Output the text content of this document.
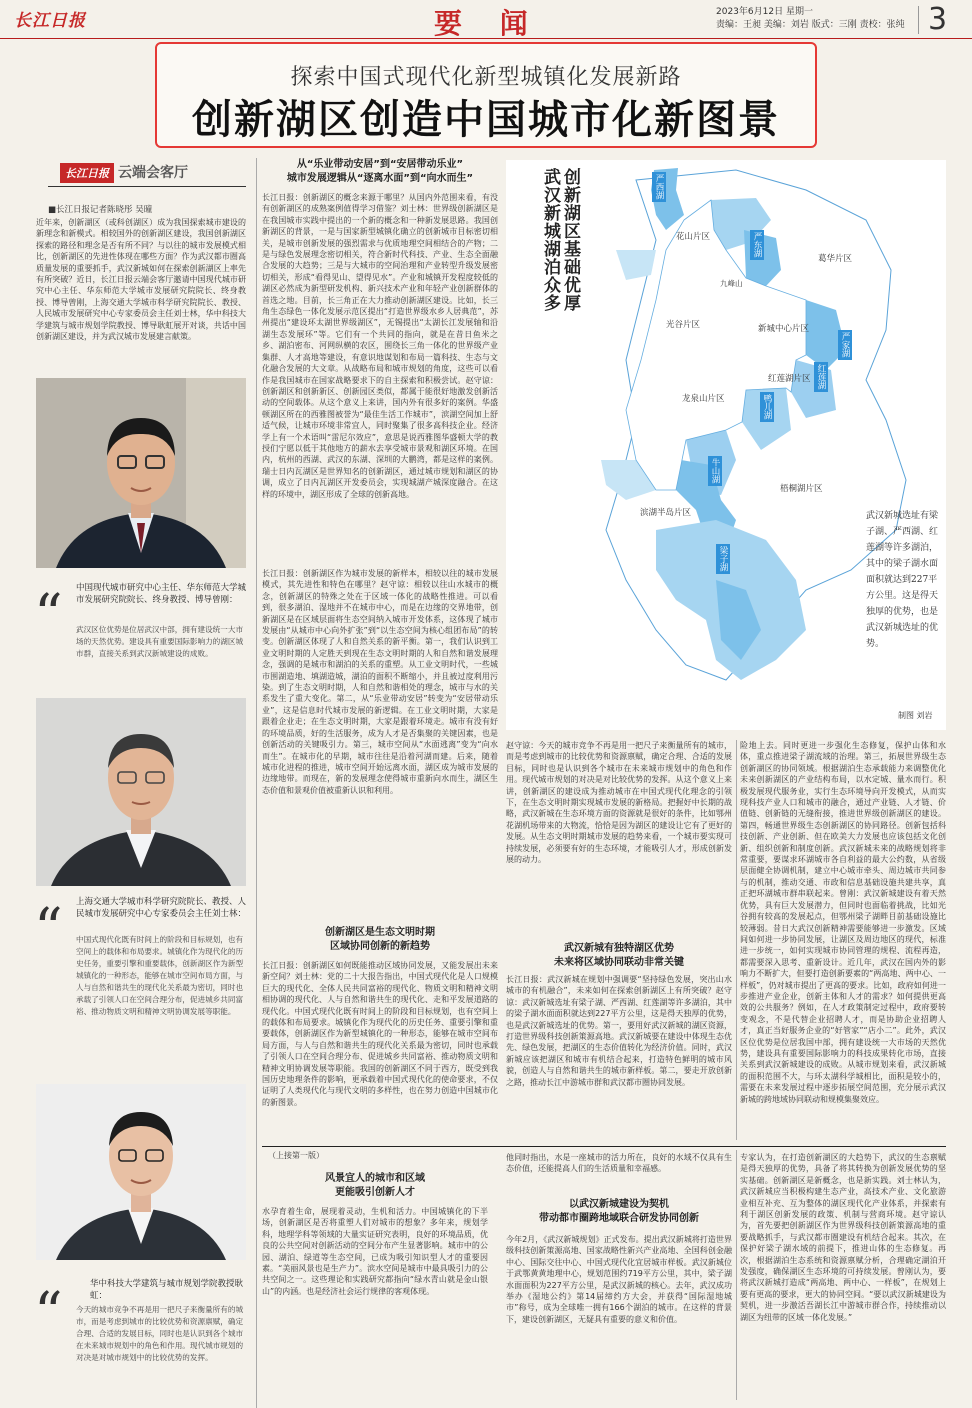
长江日报	要 闻	2023年6月12日 星期一
责编：王昶 美编：刘岩 版式：三刚 责校：张纯 3
探索中国式现代化新型城镇化发展新路
创新湖区创造中国城市化新图景
长江日报 云端会客厅
■长江日报记者陈晓彤 吴曈
近年来，创新湖区（或科创湖区）成为我国探索城市建设的新理念和新模式。相较国外的创新湖区建设，我国创新湖区探索的路径和理念是否有所不同？与以往的城市发展模式相比，创新湖区的先进性体现在哪些方面？作为武汉都市圈高质量发展的重要抓手，武汉新城如何在探索创新湖区上率先有所突破？近日，长江日报云端会客厅邀请中国现代城市研究中心主任、华东师范大学城市发展研究院院长、终身教授、博导曾刚，上海交通大学城市科学研究院院长、教授、人民城市发展研究中心专家委员会主任刘士林，华中科技大学建筑与城市规划学院教授、博导耿虹展开对谈，共话中国创新湖区建设，并为武汉城市发展建言献策。
中国现代城市研究中心主任、华东师范大学城市发展研究院院长、终身教授、博导曾刚：
“ 武汉区位优势是位居武汉中部，拥有建设统一大市场的天然优势。建设具有重要国际影响力的湖区城市群，直接关系到武汉新城建设的成败。
上海交通大学城市科学研究院院长、教授、人民城市发展研究中心专家委员会主任刘士林：
“ 中国式现代化既有时间上的阶段和目标规划，也有空间上的载体和布局要求。城镇化作为现代化的历史任务，重要引擎和重要载体，创新湖区作为新型城镇化的一种形态，能够在城市空间布局方面，与人与自然和谐共生的现代化关系最为密切，同时也承载了引领人口在空间合理分布，促进城乡共同富裕、推动物质文明和精神文明协调发展等职能。
华中科技大学建筑与城市规划学院教授耿虹：
“ 今天的城市竞争不再是用一把尺子来衡量所有的城市，而是考虑到城市的比较优势和资源禀赋，确定合理、合适的发展目标，同时也是认识到各个城市在未来城市规划中的角色和作用。现代城市规划的对决是对城市规划中的比较优势的发挥。
从“乐业带动安居”到“安居带动乐业”
城市发展逻辑从“逐离水面”到“向水而生”
长江日报：创新湖区的概念来源于哪里？从国内外范围来看，有没有创新湖区的成熟案例值得学习借鉴？刘士林：世界级创新湖区是在我国城市实践中提出的一个新的概念和一种新发展思路。我国创新湖区的背景，一是与国家新型城镇化确立的创新城市目标密切相关，是城市创新发展的强烈需求与优质地理空间相结合的产物；二是与绿色发展理念密切相关，符合新时代科技、产业、生态全面融合发展的大趋势；三是与大城市的空间治理和产业转型升级发展密切相关，形成“看得见山、望得见水”。产业和城镇开发程度较低的湖区必然成为新型研发机构、新兴技术产业和年轻产业创新群体的首选之地。目前，长三角正在大力推动创新湖区建设。比如，长三角生态绿色一体化发展示范区提出“打造世界级水乡人居典范”，苏州提出“建设环太湖世界级湖区”，无锡提出“太湖长江发展轴和沿湖生态发展环”等。它们有一个共同的指向，就是在昔日鱼米之乡、湖泊密布、河网纵横的农区，围绕长三角一体化的世界级产业集群、人才高地等建设，有意识地谋划和布局一篇科技、生态与文化融合发展的大文章。从战略布局和城市规划的角度，这些可以看作是我国城市在国家战略要求下的自主探索和积极尝试。赵守谅：创新湖区和创新新区、创新园区类似，都属于能很好地激发创新活动的空间载体。从这个意义上来讲，国内外有很多好的案例。华盛顿湖区所在的西雅图被誉为“最佳生活工作城市”，滨湖空间加上舒适气候，让城市环境非常宜人，同时聚集了很多高科技企业。经济学上有一个术语叫“雷尼尔效应”，意思是说西雅图华盛顿大学的教授们宁愿以低于其他地方的薪水去享受城市景观和湖区环境。在国内，杭州的西湖、武汉的东湖、深圳的大鹏湾，都是这样的案例。瑞士日内瓦湖区是世界知名的创新湖区，通过城市规划和湖区的协调，成立了日内瓦湖区开发委员会，实现城湖产城深度融合。在这样的环境中，湖区形成了全球的创新高地。
长江日报：创新湖区作为城市发展的新样本，相较以往的城市发展模式，其先进性和特色在哪里？赵守谅：相较以往山水城市的概念，创新湖区的特殊之处在于区域一体化的战略性推进。可以看到，很多湖泊、湿地并不在城市中心，而是在边缘的交界地带，创新湖区是在区域层面将生态空间纳入城市开发体系，这体现了城市发展由“从城市中心向外扩张”到“以生态空间为核心组团布局”的转变。创新湖区体现了人和自然关系的新平衡。第一，我们认识到工业文明时期的人定胜天到现在生态文明时期的人和自然和谐发展理念，强调的是城市和湖泊的关系的重塑。从工业文明时代，一些城市围湖造地、填湖造城，湖泊的面积不断缩小，并且被过度利用污染。到了生态文明时期，人和自然和谐相处的理念，城市与水的关系发生了重大变化。第二，从“乐业带动安居”转变为“安居带动乐业”，这是信息时代城市发展的新逻辑。在工业文明时期，大家是跟着企业走；在生态文明时期，大家是跟着环境走。城市有没有好的环境品质，好的生活服务，成为人才是否集聚的关键因素，也是创新活动的关键吸引力。第三，城市空间从“水面逃离”变为“向水而生”。在城市化的早期，城市往往是沿着河湖而建。后来，随着城市化进程的推进，城市空间开始远离水面，湖区成为城市发展的边缘地带。而现在，新的发展理念使得城市重新向水而生，湖区生态价值和景观价值被重新认识和利用。
创新湖区是生态文明时期
区域协同创新的新趋势
长江日报：创新湖区如何既能推动区域协同发展，又能发展出未来新空间？刘士林：党的二十大报告指出，中国式现代化是人口规模巨大的现代化、全体人民共同富裕的现代化、物质文明和精神文明相协调的现代化、人与自然和谐共生的现代化、走和平发展道路的现代化。中国式现代化既有时间上的阶段和目标规划，也有空间上的载体和布局要求。城镇化作为现代化的历史任务、重要引擎和重要载体，创新湖区作为新型城镇化的一种形态，能够在城市空间布局方面，与人与自然和谐共生的现代化关系最为密切，同时也承载了引领人口在空间合理分布、促进城乡共同富裕、推动物质文明和精神文明协调发展等职能。我国的创新湖区不同于西方，既受到我国历史地理条件的影响，更承载着中国式现代化的使命要求，不仅证明了人类现代化与现代文明的多样性，也在努力创造中国城市化的新图景。
创新湖区基础优厚
武汉新城湖泊众多	花山片区
葛华片区
光谷片区
九峰山
新城中心片区
红莲湖片区
龙泉山片区
梧桐湖片区
滨湖半岛片区
严西湖
严东湖
严家湖
红莲湖
鸭儿湖
牛山湖
梁子湖
武汉新城选址有梁子湖、严西湖、红莲湖等许多湖泊，其中的梁子湖水面面积就达到227平方公里。这是得天独厚的优势，也是武汉新城选址的优势。
制图 刘岩
赵守谅：今天的城市竞争不再是用一把尺子来衡量所有的城市，而是考虑到城市的比较优势和资源禀赋，确定合理、合适的发展目标，同时也是认识到各个城市在未来城市规划中的角色和作用。现代城市规划的对决是对比较优势的发挥。从这个意义上来讲，创新湖区的建设成为推动城市在中国式现代化理念的引领下，在生态文明时期实现城市发展的新格局。把握好中长期的战略，武汉新城在生态环境方面的资源就是很好的条件，比如鄂州花湖机场带来的大物流，恰恰是因为湖区的建设让它有了更好的发展。从生态文明时期城市发展的趋势来看，一个城市要实现可持续发展，必须要有好的生态环境，才能吸引人才，形成创新发展的动力。
武汉新城有独特湖区优势
未来将区域协同联动非常关键
长江日报：武汉新城在规划中强调要“坚持绿色发展，突出山水城市的有机融合”，未来如何在探索创新湖区上有所突破？赵守谅：武汉新城选址有梁子湖、严西湖、红莲湖等许多湖泊，其中的梁子湖水面面积就达到227平方公里，这是得天独厚的优势，也是武汉新城选址的优势。第一，要用好武汉新城的湖区资源，打造世界级科技创新策源高地。武汉新城要在建设中体现生态优先、绿色发展，把湖区的生态价值转化为经济价值。同时，武汉新城应该把湖区和城市有机结合起来，打造特色鲜明的城市风貌，创造人与自然和谐共生的城市新样板。第二，要走开放创新之路，推动长江中游城市群和武汉都市圈协同发展。
险地上去。同时更进一步强化生态修复，保护山体和水体，重点推进梁子湖流域的治理。第三，拓展世界级生态创新湖区的协同领域。根据湖泊生态承载能力来调整优化未来创新湖区的产业结构布局，以水定城、量水而行。积极发展现代服务业，实行生态环境导向开发模式，从而实现科技产业人口和城市的融合，通过产业链、人才链、价值链、创新链的无缝衔接，推进世界级创新湖区的建设。第四，畅通世界级生态创新湖区的协同路径。创新包括科技创新、产业创新、但在欧美大力发展也应该包括文化创新、组织创新和制度创新。武汉新城未来的战略规划将非常重要，要谋求环湖城市各自利益的最大公约数，从省级层面健全协调机制，建立中心城市牵头、周边城市共同参与的机制，推动交通、市政和信息基础设施共建共享，真正把环湖城市群串联起来。曾刚：武汉新城建设有着天然优势，具有巨大发展潜力，但同时也面临着挑战，比如光谷拥有较高的发展起点，但鄂州梁子湖畔目前基础设施比较薄弱。昔日大武汉创新精神需要能够进一步激发。区域间如何进一步协同发展，让湖区及周边地区的现代，标准进一步统一，如何实现城市协同管理的规程、流程再造，都需要深入思考、重新设计。近几年，武汉在国内外的影响力不断扩大，但要打造创新要素的“两高地、两中心、一样板”，仍对城市提出了更高的要求。比如，政府如何进一步推进产业企业，创新主体和人才的需求？如何提供更高效的公共服务？例如，在人才政策制定过程中，政府要转变观念，不是代替企业招聘人才，而是协助企业招聘人才，真正当好服务企业的“好管家”“店小二”。此外，武汉区位优势是位居我国中部，拥有建设统一大市场的天然优势，建设具有重要国际影响力的科技成果转化市场，直接关系到武汉新城建设的成败。从城市规划来看，武汉新城的面积范围不大，与环太湖科学城相比，面积是较小的，需要在未来发展过程中逐步拓展空间范围，充分展示武汉新城的跨地域协同联动和规模集聚效应。
（上接第一版）
风景宜人的城市和区域
更能吸引创新人才
水孕育着生命，展现着灵动，生机和活力。中国城镇化的下半场，创新湖区是否将重塑人们对城市的想象？多年来，规划学科，地理学科等领域的大量实证研究表明，良好的环境品质，优良的公共空间对创新活动的空间分布产生显著影响。城市中的公园、湖泊、绿道等生态空间，已成为吸引知识型人才的重要因素。“美丽风景也是生产力”。滨水空间是城市中最具吸引力的公共空间之一。这些理论和实践研究都指向“绿水青山就是金山银山”的内涵。也是经济社会运行规律的客观体现。
他同时指出，水是一座城市的活力所在，良好的水域不仅具有生态价值，还能提高人们的生活质量和幸福感。
以武汉新城建设为契机
带动都市圈跨地域联合研发协同创新
今年2月，《武汉新城规划》正式发布。提出武汉新城将打造世界级科技创新策源高地、国家战略性新兴产业高地、全国科创金融中心、国际交往中心、中国式现代化宜居城市样板。武汉新城位于武鄂黄黄地理中心，规划范围约719平方公里，其中，梁子湖水面面积为227平方公里，是武汉新城的核心。去年，武汉成功举办《湿地公约》第14届缔约方大会，并获得“国际湿地城市”称号，成为全球唯一拥有166个湖泊的城市。在这样的背景下，建设创新湖区，无疑具有重要的意义和价值。
专家认为，在打造创新湖区的大趋势下，武汉的生态禀赋是得天独厚的优势，具备了将其转换为创新发展优势的坚实基础。创新湖区是新概念，也是新实践。刘士林认为，武汉新城应当积极构建生态产业，高技术产业、文化旅游业相互补充、互为整体的湖区现代化产业体系，并探索有利于湖区创新发展的政策、机制与营商环境。赵守谅认为，首先要把创新湖区作为世界级科技创新策源高地的重要战略抓手，与武汉都市圈建设有机结合起来。其次，在保护好梁子湖水域的前提下，推进山体的生态修复。再次，根据湖泊生态系统和资源禀赋分析，合理确定湖泊开发强度，确保湖区生态环境的可持续发展。曾刚认为，要将武汉新城打造成“两高地、两中心、一样板”，在规划上要有更高的要求，更大的协同空间。“要以武汉新城建设为契机，进一步激活吾湖长江中游城市群合作，持续推动以湖区为纽带的区域一体化发展。”
